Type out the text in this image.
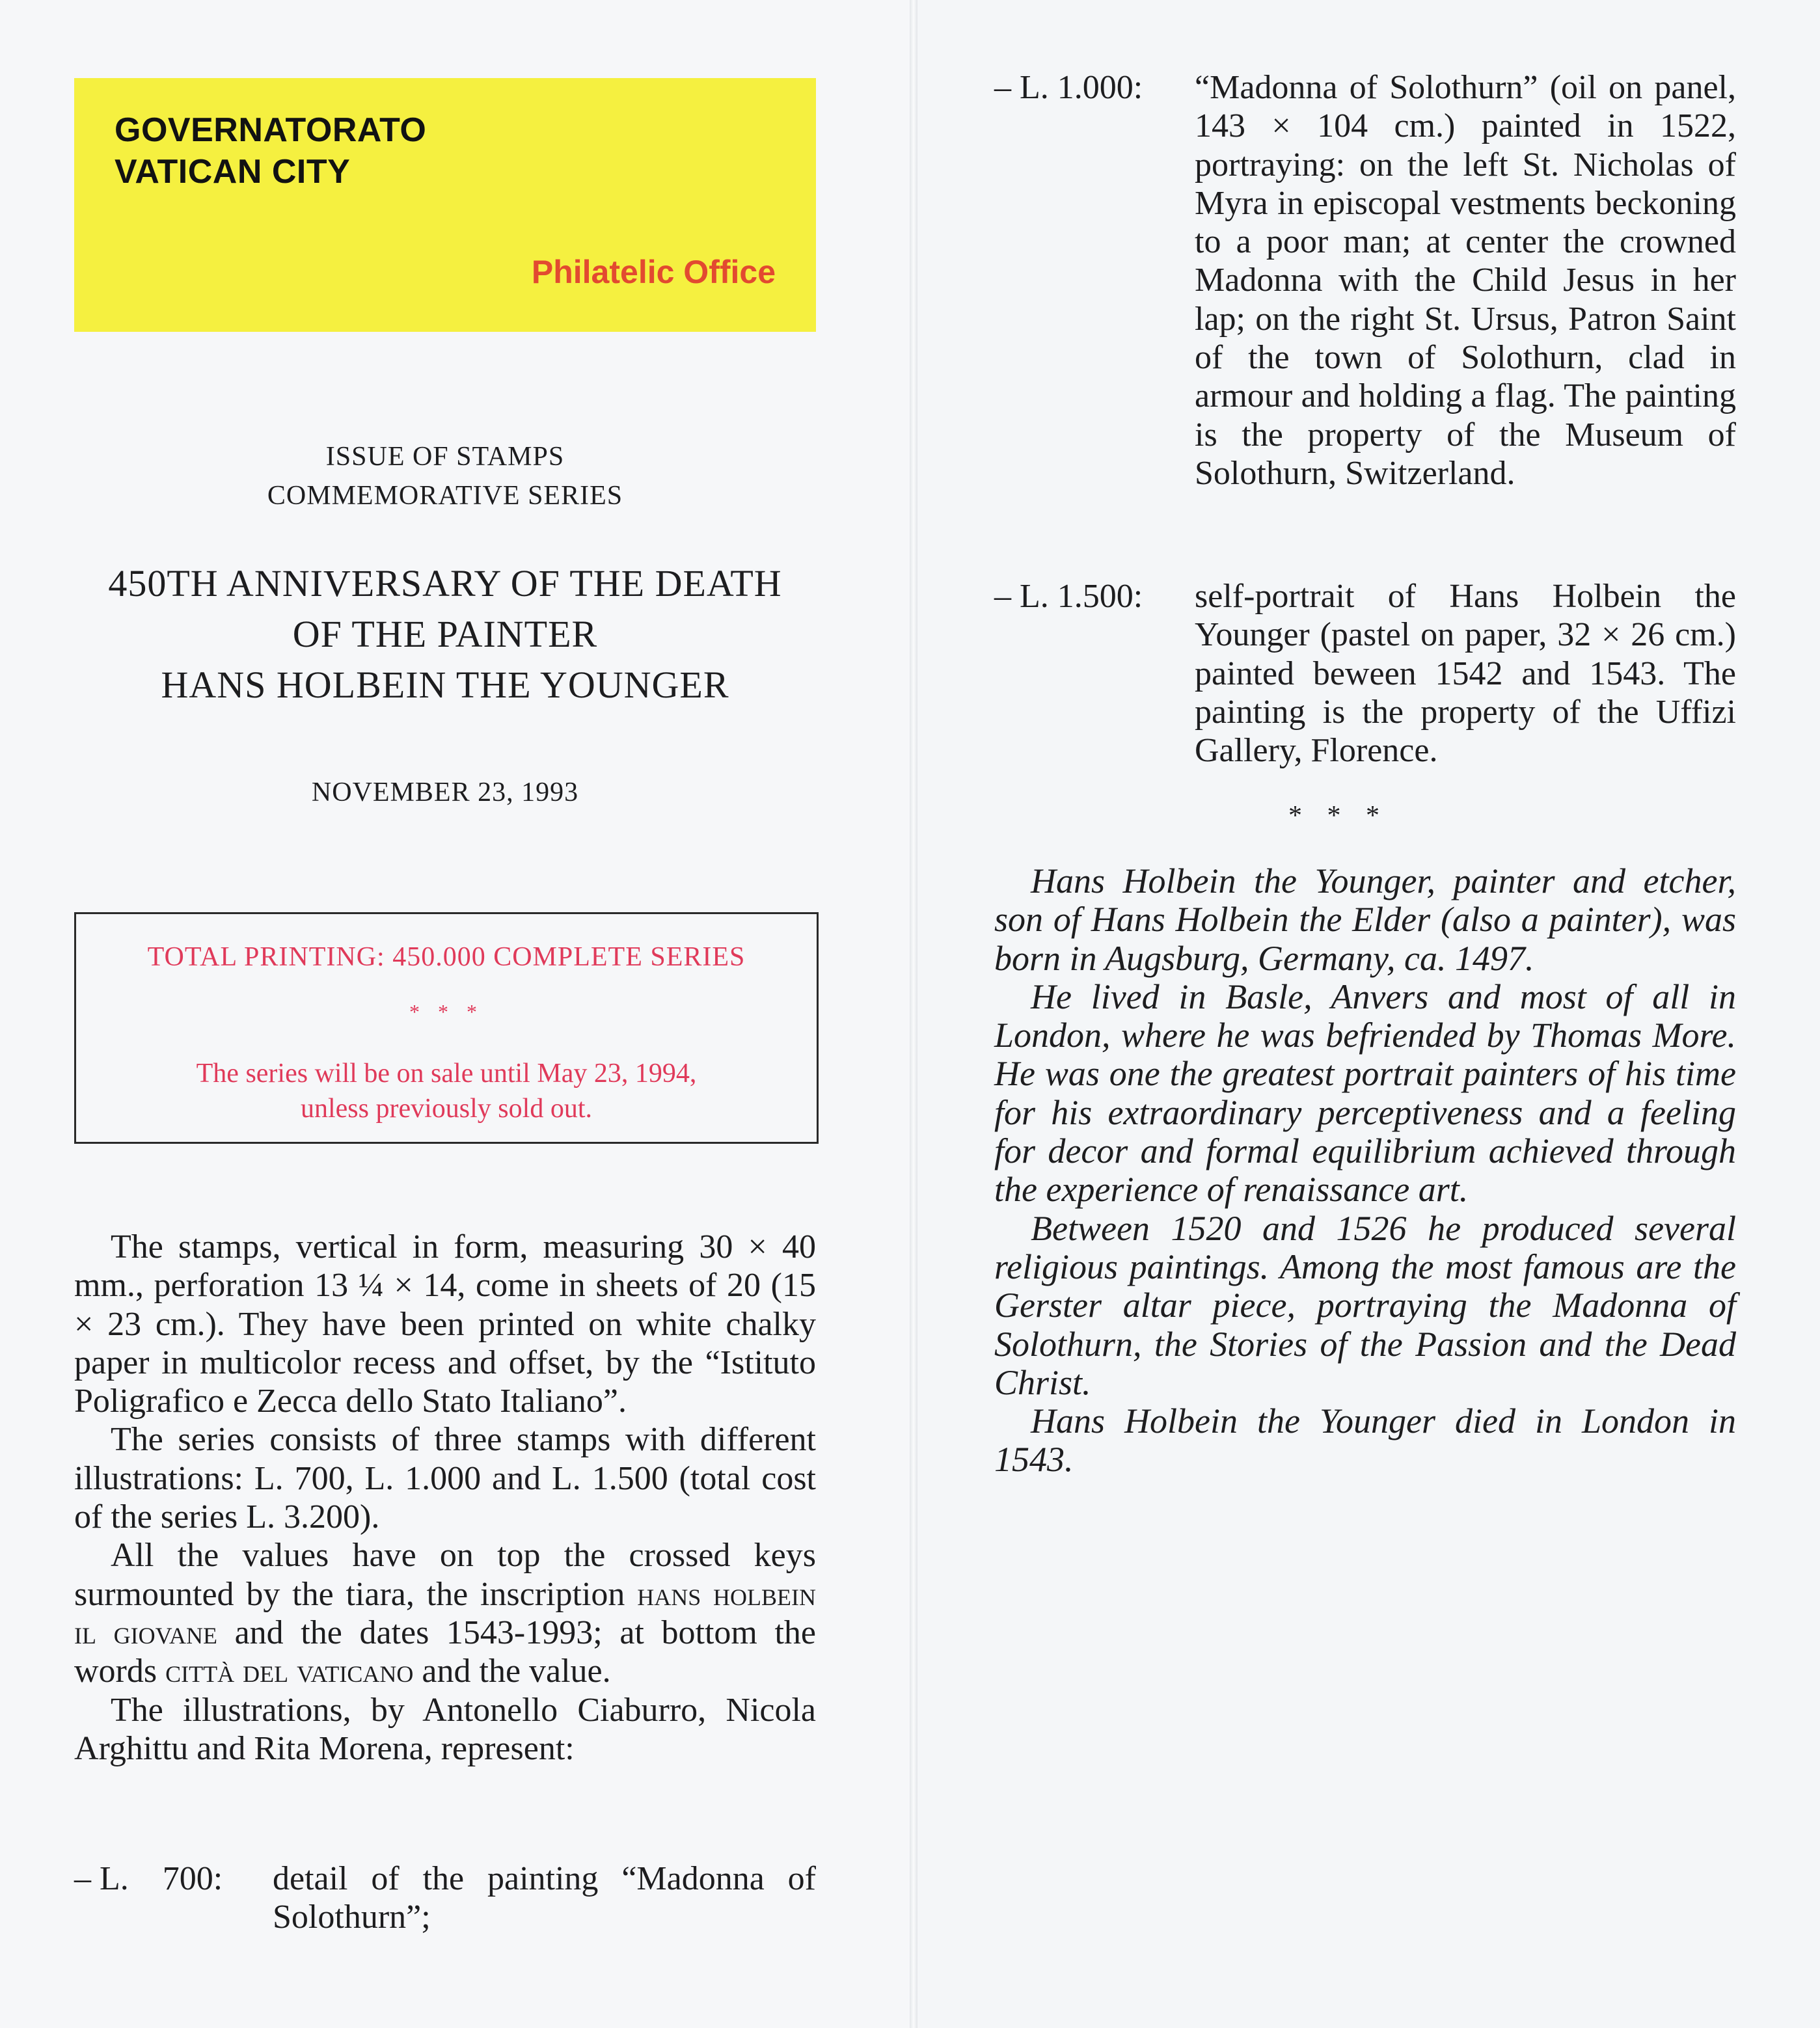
GOVERNATORATO
VATICAN CITY
Philatelic Office
ISSUE OF STAMPS
COMMEMORATIVE SERIES
450TH ANNIVERSARY OF THE DEATH
OF THE PAINTER
HANS HOLBEIN THE YOUNGER
NOVEMBER 23, 1993
TOTAL PRINTING: 450.000 COMPLETE SERIES
* * *
The series will be on sale until May 23, 1994,
unless previously sold out.

The stamps, vertical in form, measuring 30 × 40 mm., perforation 13 ¼ × 14, come in sheets of 20 (15 × 23 cm.). They have been printed on white chalky paper in multicolor recess and offset, by the “Istituto Poligrafico e Zecca dello Stato Italiano”.

The series consists of three stamps with different illustrations: L. 700, L. 1.000 and L. 1.500 (total cost of the series L. 3.200).

All the values have on top the crossed keys surmounted by the tiara, the inscription hans holbein il giovane and the dates 1543-1993; at bottom the words città del vaticano and the value.

The illustrations, by Antonello Ciaburro, Nicola Arghittu and Rita Morena, represent:

– L.    700: detail of the painting “Madonna of Solothurn”;
– L. 1.000: “Madonna of Solothurn” (oil on panel, 143 × 104 cm.) painted in 1522, portraying: on the left St. Nicholas of Myra in episcopal vestments beckoning to a poor man; at center the crowned Madonna with the Child Jesus in her lap; on the right St. Ursus, Patron Saint of the town of Solothurn, clad in armour and holding a flag. The painting is the property of the Museum of Solothurn, Switzerland.
– L. 1.500: self-portrait of Hans Holbein the Younger (pastel on paper, 32 × 26 cm.) painted beween 1542 and 1543. The painting is the property of the Uffizi Gallery, Florence.
* * *

Hans Holbein the Younger, painter and etcher, son of Hans Holbein the Elder (also a painter), was born in Augsburg, Germany, ca. 1497.

He lived in Basle, Anvers and most of all in London, where he was befriended by Thomas More. He was one the greatest portrait painters of his time for his extraordinary perceptiveness and a feeling for decor and formal equilibrium achieved through the experience of renaissance art.

Between 1520 and 1526 he produced several religious paintings. Among the most famous are the Gerster altar piece, portraying the Madonna of Solothurn, the Stories of the Passion and the Dead Christ.

Hans Holbein the Younger died in London in 1543.
